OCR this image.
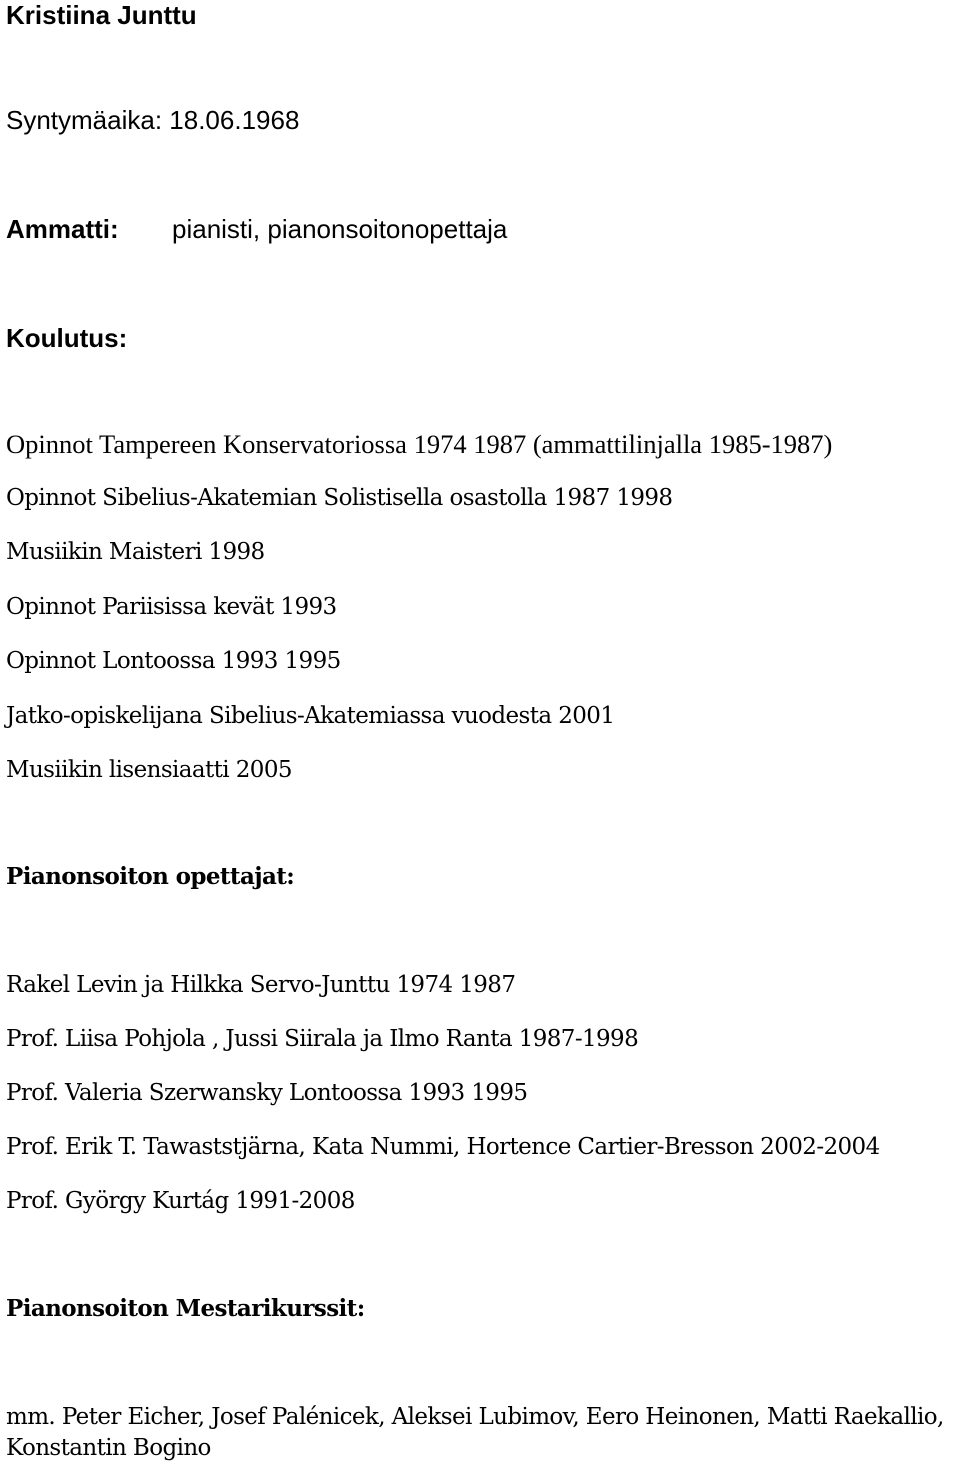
Kristiina Junttu

Syntymäaika: 18.06.1968

Ammatti: pianisti, pianonsoitonopettaja

Koulutus:

Opinnot Tampereen Konservatoriossa 1974 1987 (ammattilinjalla 1985-1987)

Opinnot Sibelius-Akatemian Solistisella osastolla 1987 1998

Musiikin Maisteri 1998

Opinnot Pariisissa kevät 1993

Opinnot Lontoossa 1993 1995

Jatko-opiskelijana Sibelius-Akatemiassa vuodesta 2001

Musiikin lisensiaatti 2005

Pianonsoiton opettajat:

Rakel Levin ja Hilkka Servo-Junttu 1974 1987

Prof. Liisa Pohjola , Jussi Siirala ja Ilmo Ranta 1987-1998

Prof. Valeria Szerwansky Lontoossa 1993 1995

Prof. Erik T. Tawaststjärna, Kata Nummi, Hortence Cartier-Bresson 2002-2004

Prof. György Kurtág 1991-2008

Pianonsoiton Mestarikurssit:

mm. Peter Eicher, Josef Palénicek, Aleksei Lubimov, Eero Heinonen, Matti Raekallio,

Konstantin Bogino
